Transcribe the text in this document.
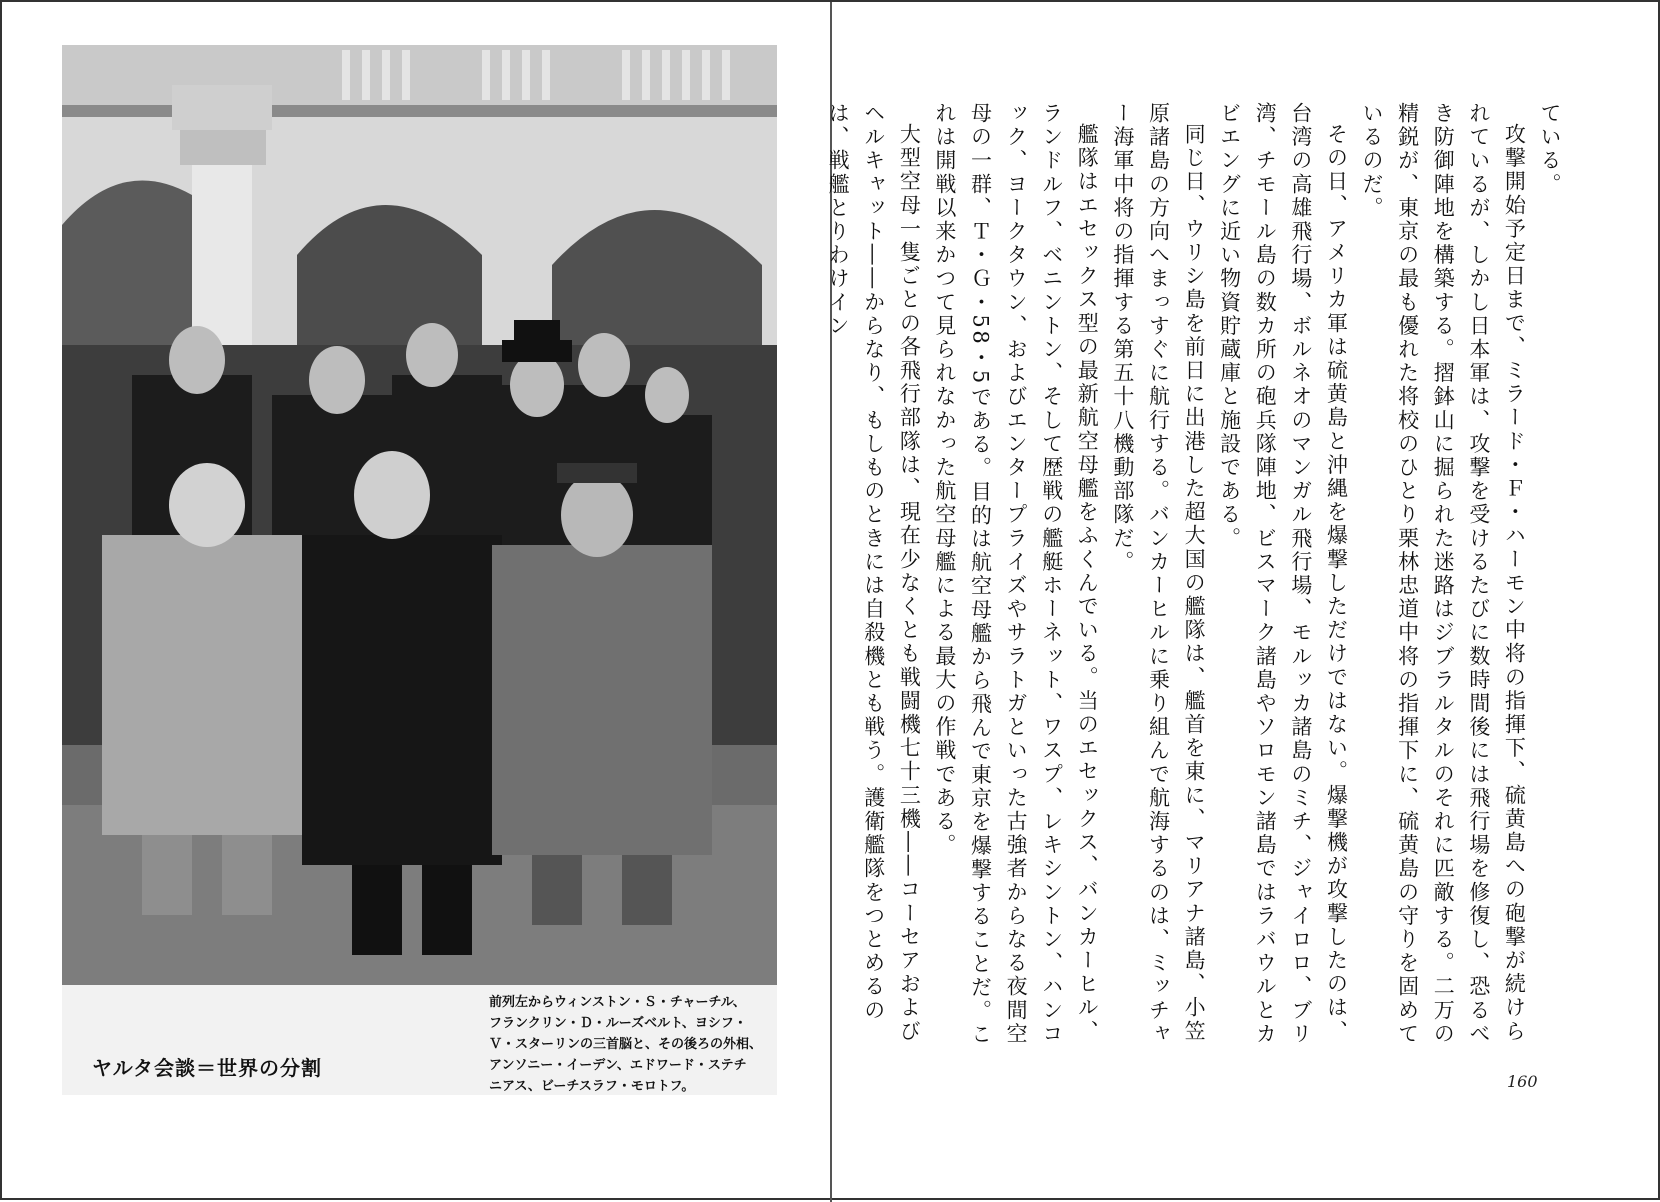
ヤルタ会談＝世界の分割
前列左からウィンストン・Ｓ・チャーチル、
フランクリン・Ｄ・ルーズベルト、ヨシフ・
Ｖ・スターリンの三首脳と、その後ろの外相、
アンソニー・イーデン、エドワード・ステチ
ニアス、ビーチスラフ・モロトフ。

ている。

攻撃開始予定日まで、ミラード・Ｆ・ハーモン中将の指揮下、硫黄島への砲撃が続けられているが、しかし日本軍は、攻撃を受けるたびに数時間後には飛行場を修復し、恐るべき防御陣地を構築する。摺鉢山に掘られた迷路はジブラルタルのそれに匹敵する。二万の精鋭が、東京の最も優れた将校のひとり栗林忠道中将の指揮下に、硫黄島の守りを固めているのだ。

その日、アメリカ軍は硫黄島と沖縄を爆撃しただけではない。爆撃機が攻撃したのは、台湾の高雄飛行場、ボルネオのマンガル飛行場、モルッカ諸島のミチ、ジャイロロ、ブリ湾、チモール島の数カ所の砲兵隊陣地、ビスマーク諸島やソロモン諸島ではラバウルとカビエングに近い物資貯蔵庫と施設である。

同じ日、ウリシ島を前日に出港した超大国の艦隊は、艦首を東に、マリアナ諸島、小笠原諸島の方向へまっすぐに航行する。バンカーヒルに乗り組んで航海するのは、ミッチャー海軍中将の指揮する第五十八機動部隊だ。

艦隊はエセックス型の最新航空母艦をふくんでいる。当のエセックス、バンカーヒル、ランドルフ、ベニントン、そして歴戦の艦艇ホーネット、ワスプ、レキシントン、ハンコック、ヨークタウン、およびエンタープライズやサラトガといった古強者からなる夜間空母の一群、Ｔ・Ｇ・58・5である。目的は航空母艦から飛んで東京を爆撃することだ。これは開戦以来かつて見られなかった航空母艦による最大の作戦である。

大型空母一隻ごとの各飛行部隊は、現在少なくとも戦闘機七十三機――コーセアおよびヘルキャット――からなり、もしものときには自殺機とも戦う。護衛艦隊をつとめるのは、戦艦とりわけイン

160
